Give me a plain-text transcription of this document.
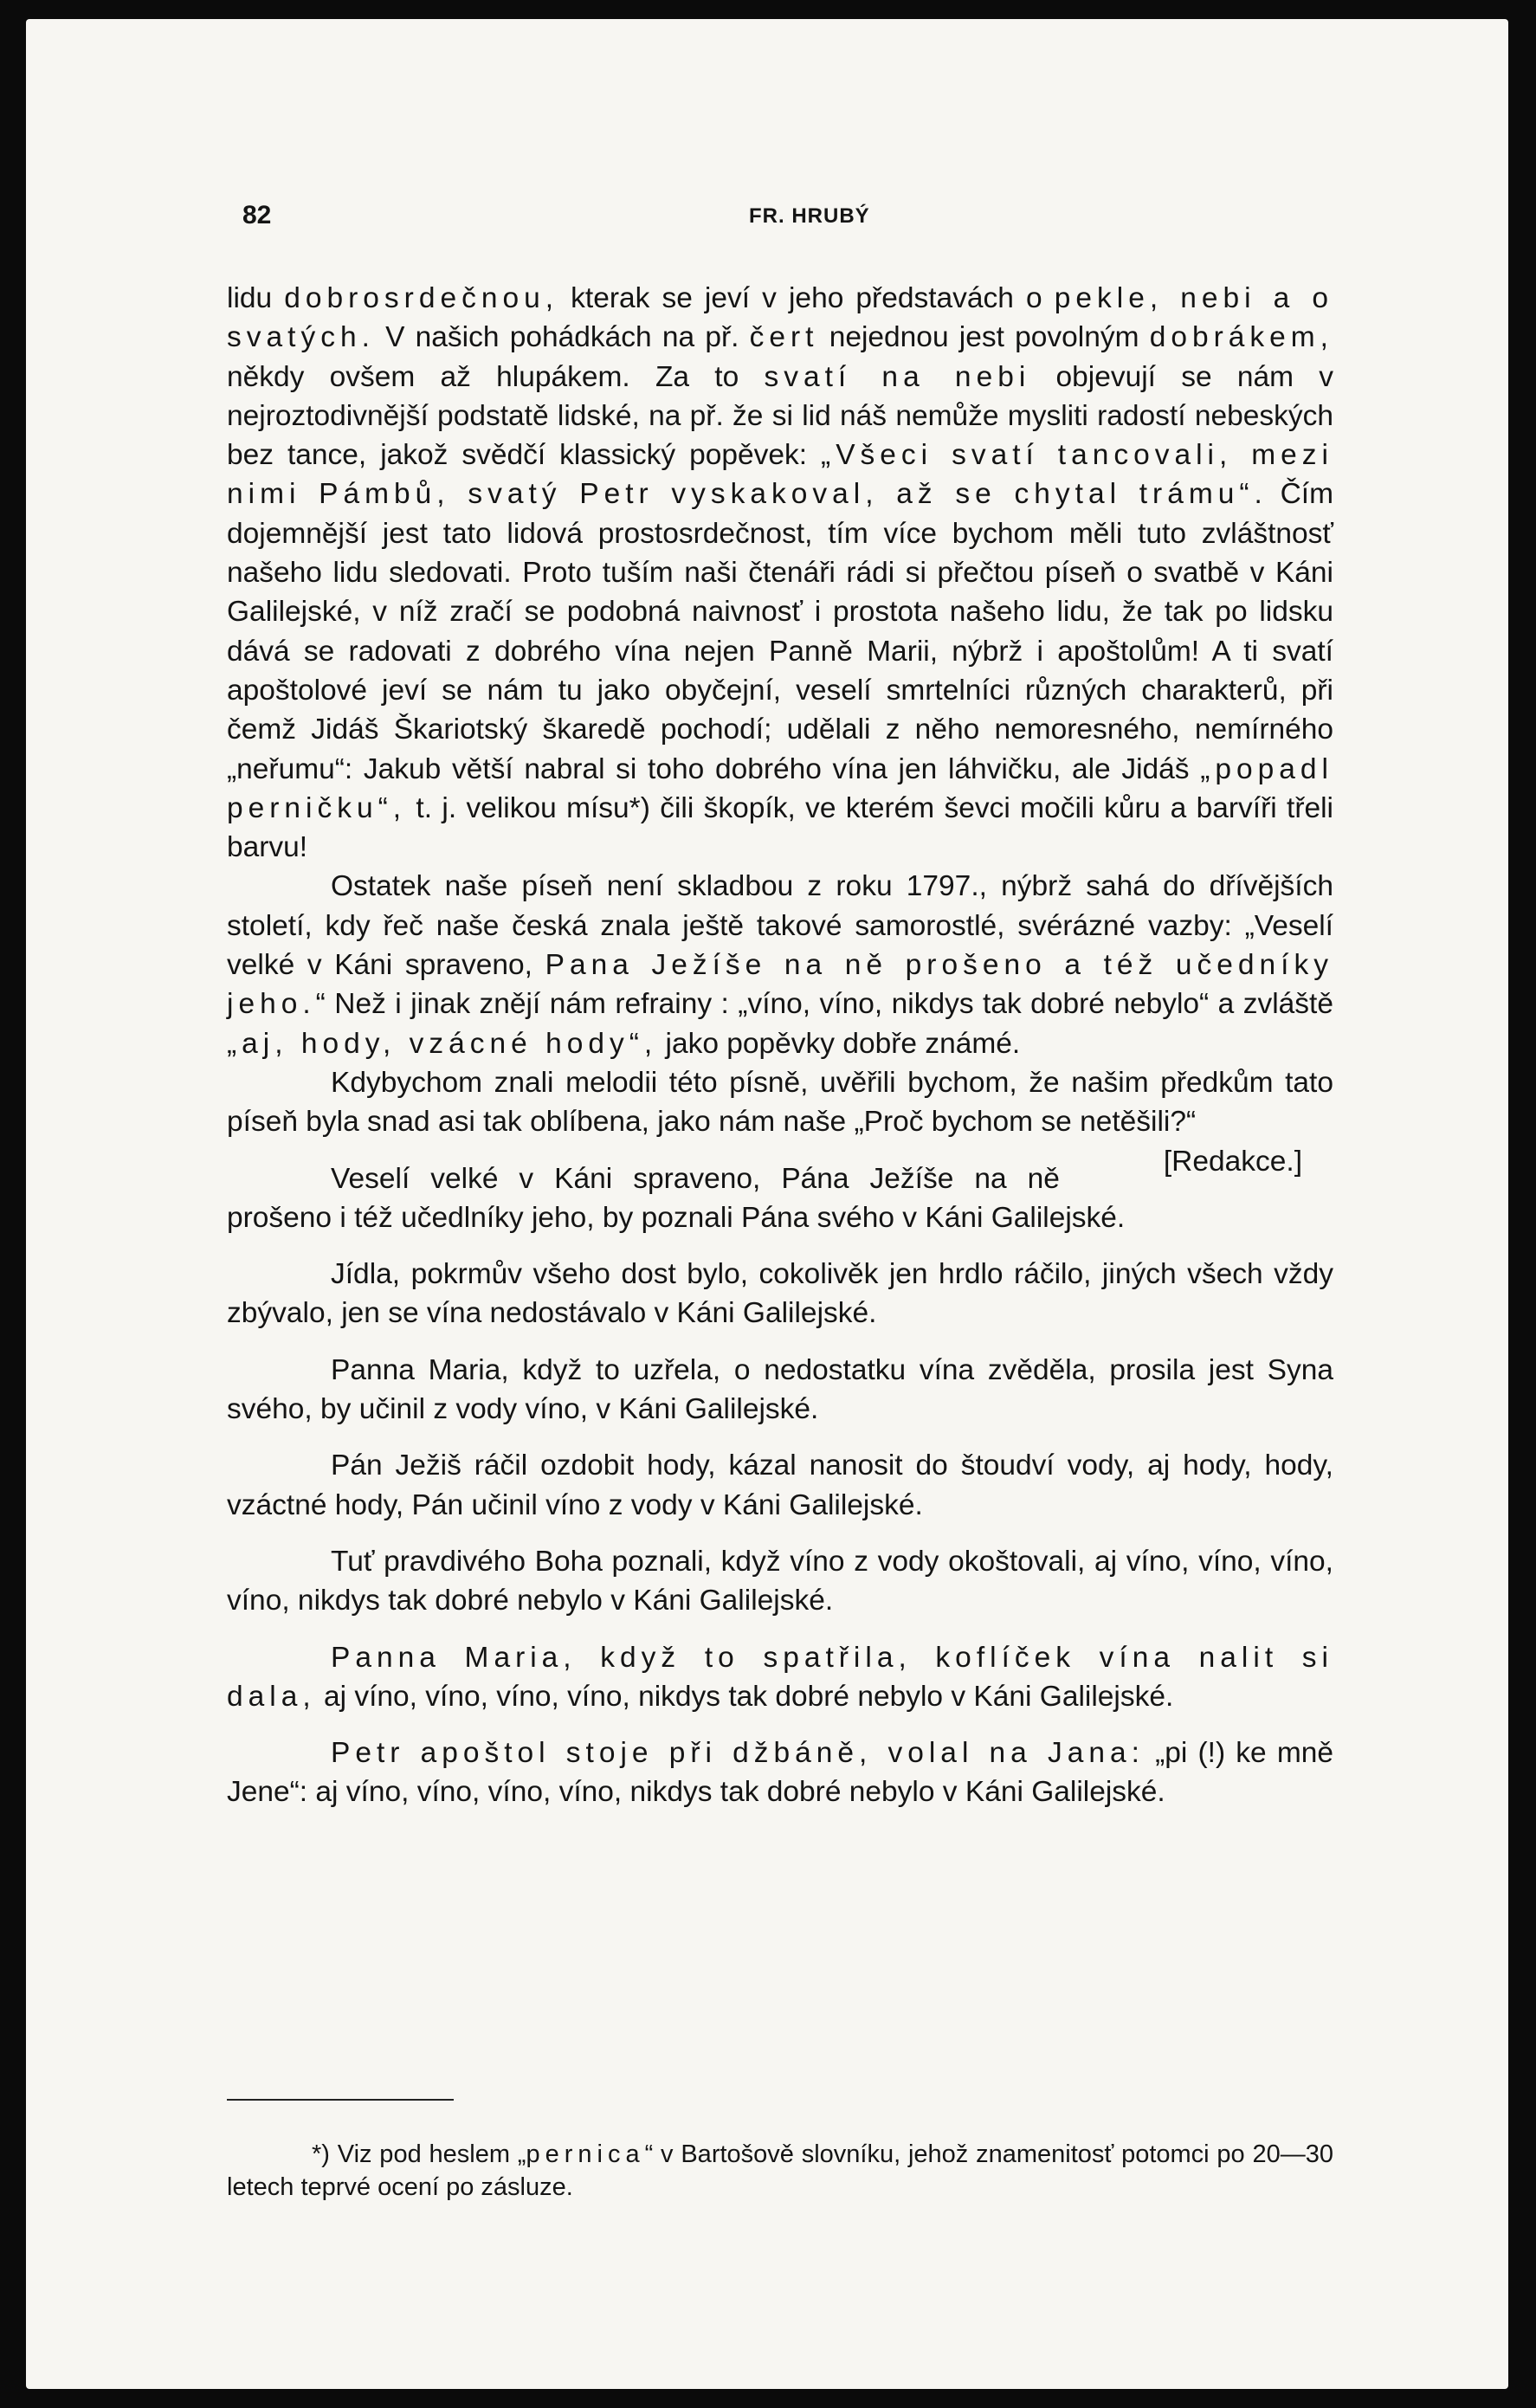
82	FR. HRUBÝ

lidu dobrosrdečnou, kterak se jeví v jeho představách o pekle, nebi a o svatých. V našich pohádkách na př. čert nejednou jest povolným dobrákem, někdy ovšem až hlupákem. Za to svatí na nebi objevují se nám v nejroztodivnější podstatě lidské, na př. že si lid náš nemůže mysliti radostí nebeských bez tance, jakož svědčí klassický popěvek: „Všeci svatí tancovali, mezi nimi Pámbů, svatý Petr vyskakoval, až se chytal trámu“. Čím dojemnější jest tato lidová prostosrdečnost, tím více bychom měli tuto zvláštnosť našeho lidu sledovati. Proto tuším naši čtenáři rádi si přečtou píseň o svatbě v Káni Galilejské, v níž zračí se podobná naivnosť i prostota našeho lidu, že tak po lidsku dává se radovati z dobrého vína nejen Panně Marii, nýbrž i apoštolům! A ti svatí apoštolové jeví se nám tu jako obyčejní, veselí smrtelníci různých charakterů, při čemž Jidáš Škariotský škaredě pochodí; udělali z něho nemoresného, nemírného „neřumu“: Jakub větší nabral si toho dobrého vína jen láhvičku, ale Jidáš „popadl perničku“, t. j. velikou mísu*) čili škopík, ve kterém ševci močili kůru a barvíři třeli barvu!

Ostatek naše píseň není skladbou z roku 1797., nýbrž sahá do dřívějších století, kdy řeč naše česká znala ještě takové samorostlé, svérázné vazby: „Veselí velké v Káni spraveno, Pana Ježíše na ně prošeno a též učedníky jeho.“ Než i jinak znějí nám refrainy : „víno, víno, nikdys tak dobré nebylo“ a zvláště „aj, hody, vzácné hody“, jako popěvky dobře známé.

Kdybychom znali melodii této písně, uvěřili bychom, že našim předkům tato píseň byla snad asi tak oblíbena, jako nám naše „Proč bychom se netěšili?“
[Redakce.]

Veselí velké v Káni spraveno, Pána Ježíše na ně prošeno i též učedlníky jeho, by poznali Pána svého v Káni Galilejské.

Jídla, pokrmův všeho dost bylo, cokolivěk jen hrdlo ráčilo, jiných všech vždy zbývalo, jen se vína nedostávalo v Káni Galilejské.

Panna Maria, když to uzřela, o nedostatku vína zvěděla, prosila jest Syna svého, by učinil z vody víno, v Káni Galilejské.

Pán Ježiš ráčil ozdobit hody, kázal nanosit do štoudví vody, aj hody, hody, vzáctné hody, Pán učinil víno z vody v Káni Galilejské.

Tuť pravdivého Boha poznali, když víno z vody okoštovali, aj víno, víno, víno, víno, nikdys tak dobré nebylo v Káni Galilejské.

Panna Maria, když to spatřila, koflíček vína nalit si dala, aj víno, víno, víno, víno, nikdys tak dobré nebylo v Káni Galilejské.

Petr apoštol stoje při džbáně, volal na Jana: „pi (!) ke mně Jene“: aj víno, víno, víno, víno, nikdys tak dobré nebylo v Káni Galilejské.

*) Viz pod heslem „pernica“ v Bartošově slovníku, jehož znamenitosť potomci po 20—30 letech teprvé ocení po zásluze.
